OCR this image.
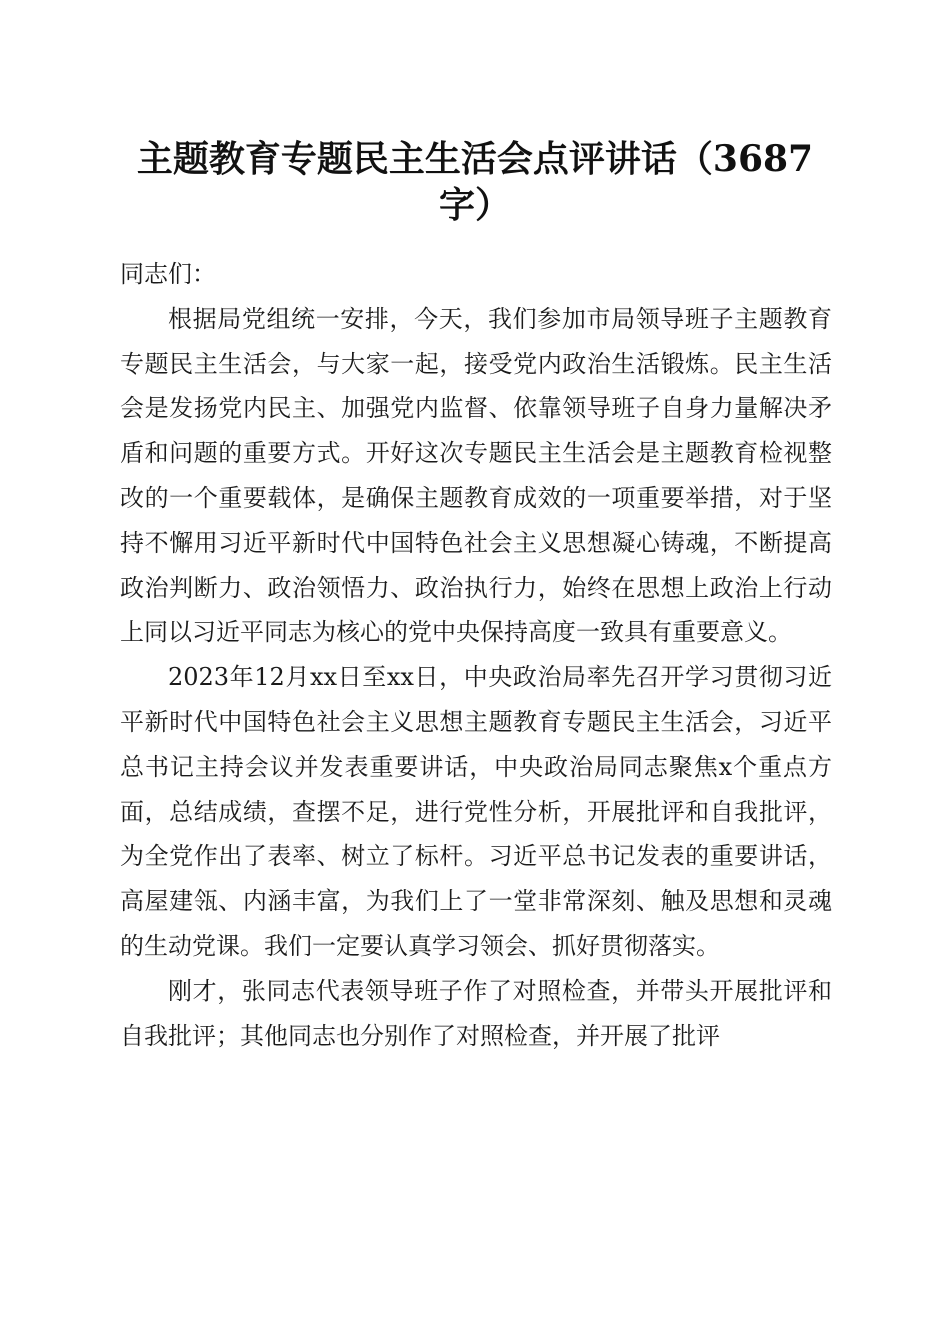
主题教育专题民主生活会点评讲话（3687字）

同志们：

根据局党组统一安排，今天，我们参加市局领导班子主题教育专题民主生活会，与大家一起，接受党内政治生活锻炼。民主生活会是发扬党内民主、加强党内监督、依靠领导班子自身力量解决矛盾和问题的重要方式。开好这次专题民主生活会是主题教育检视整改的一个重要载体，是确保主题教育成效的一项重要举措，对于坚持不懈用习近平新时代中国特色社会主义思想凝心铸魂，不断提高政治判断力、政治领悟力、政治执行力，始终在思想上政治上行动上同以习近平同志为核心的党中央保持高度一致具有重要意义。

2023年12月xx日至xx日，中央政治局率先召开学习贯彻习近平新时代中国特色社会主义思想主题教育专题民主生活会，习近平总书记主持会议并发表重要讲话，中央政治局同志聚焦x个重点方面，总结成绩，查摆不足，进行党性分析，开展批评和自我批评，为全党作出了表率、树立了标杆。习近平总书记发表的重要讲话，高屋建瓴、内涵丰富，为我们上了一堂非常深刻、触及思想和灵魂的生动党课。我们一定要认真学习领会、抓好贯彻落实。

刚才，张同志代表领导班子作了对照检查，并带头开展批评和自我批评；其他同志也分别作了对照检查，并开展了批评
